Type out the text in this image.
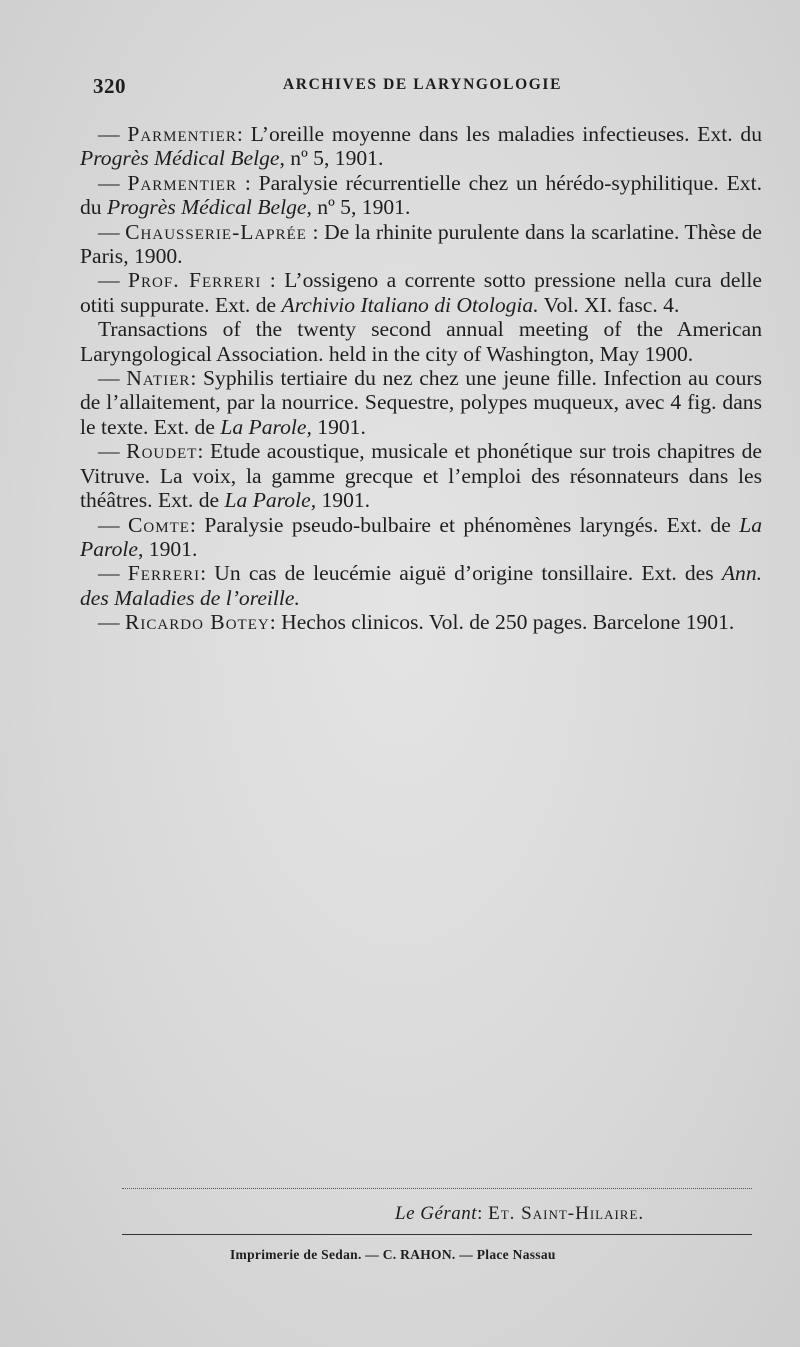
320	ARCHIVES DE LARYNGOLOGIE

— Parmentier: L’oreille moyenne dans les maladies infectieuses. Ext. du Progrès Médical Belge, nº 5, 1901.

— Parmentier : Paralysie récurrentielle chez un hérédo-syphilitique. Ext. du Progrès Médical Belge, nº 5, 1901.

— Chausserie-Laprée : De la rhinite purulente dans la scarlatine. Thèse de Paris, 1900.

— Prof. Ferreri : L’ossigeno a corrente sotto pressione nella cura delle otiti suppurate. Ext. de Archivio Italiano di Otologia. Vol. XI. fasc. 4.

Transactions of the twenty second annual meeting of the American Laryngological Association. held in the city of Washington, May 1900.

— Natier: Syphilis tertiaire du nez chez une jeune fille. Infection au cours de l’allaitement, par la nourrice. Sequestre, polypes muqueux, avec 4 fig. dans le texte. Ext. de La Parole, 1901.

— Roudet: Etude acoustique, musicale et phonétique sur trois chapitres de Vitruve. La voix, la gamme grecque et l’emploi des résonnateurs dans les théâtres. Ext. de La Parole, 1901.

— Comte: Paralysie pseudo-bulbaire et phénomènes laryngés. Ext. de La Parole, 1901.

— Ferreri: Un cas de leucémie aiguë d’origine tonsillaire. Ext. des Ann. des Maladies de l’oreille.

— Ricardo Botey: Hechos clinicos. Vol. de 250 pages. Barcelone 1901.

Le Gérant: Et. Saint-Hilaire.
Imprimerie de Sedan. — C. RAHON. — Place Nassau
